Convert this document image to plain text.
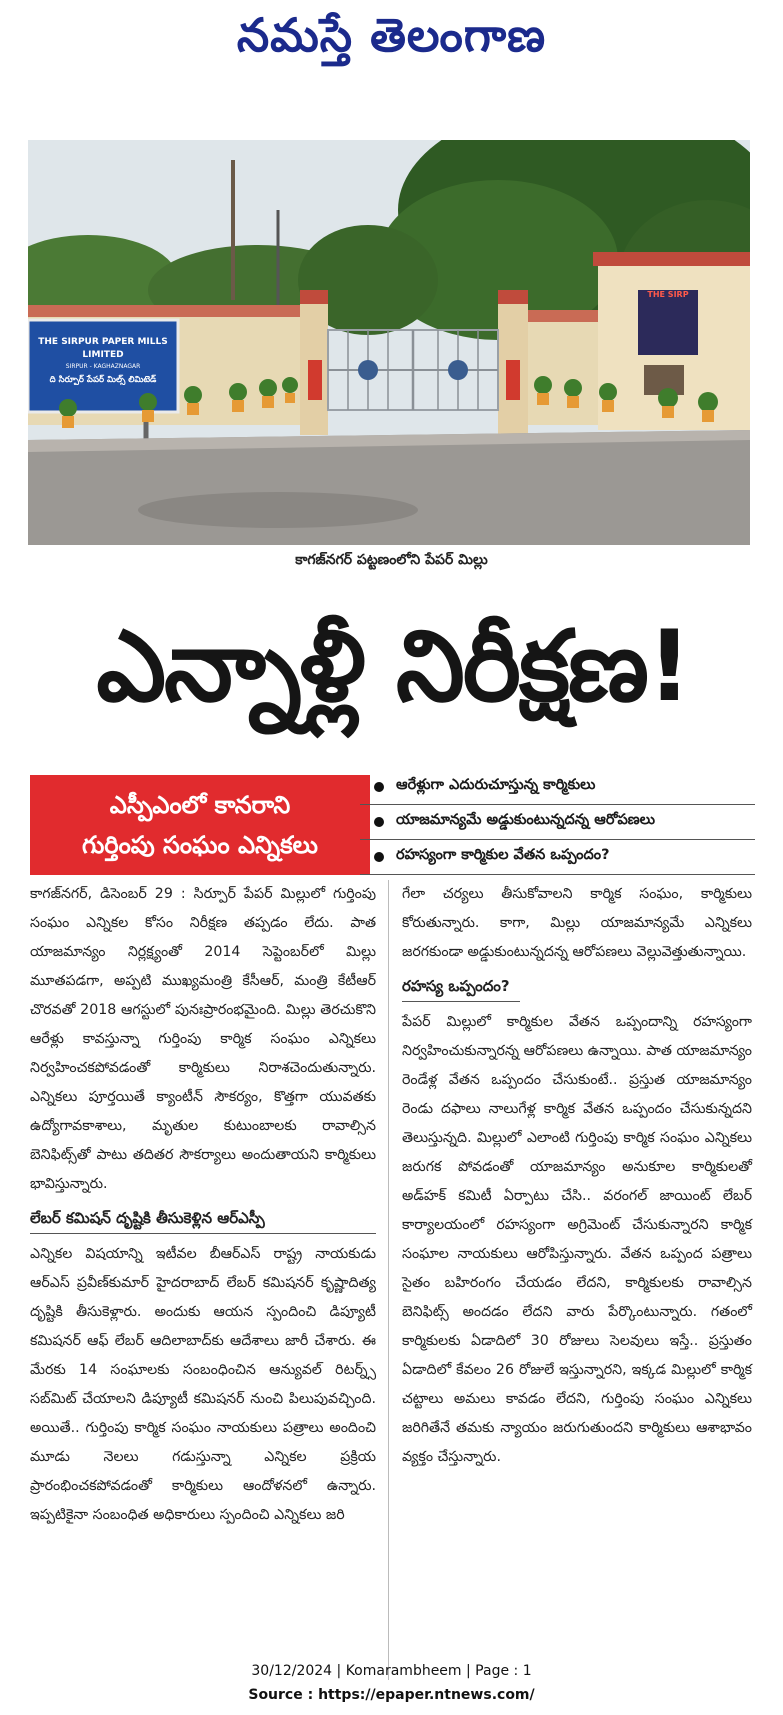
నమస్తే తెలంగాణ
THE SIRPUR PAPER MILLS LIMITED
SIRPUR - KAGHAZNAGAR
ది సిర్పూర్ పేపర్ మిల్స్ లిమిటెడ్
THE SIRP
కాగజ్‌నగర్ పట్టణంలోని పేపర్ మిల్లు
ఎన్నాళ్లీ నిరీక్షణ!
ఎస్పీఎంలో కానరాని
గుర్తింపు సంఘం ఎన్నికలు
ఆరేళ్లుగా ఎదురుచూస్తున్న కార్మికులు
యాజమాన్యమే అడ్డుకుంటున్నదన్న ఆరోపణలు
రహస్యంగా కార్మికుల వేతన ఒప్పందం?

కాగజ్‌నగర్, డిసెంబర్ 29 : సిర్పూర్ పేపర్ మిల్లులో గుర్తింపు సంఘం ఎన్నికల కోసం నిరీక్షణ తప్పడం లేదు. పాత యాజమాన్యం నిర్లక్ష్యంతో 2014 సెప్టెంబర్‌లో మిల్లు మూతపడగా, అప్పటి ముఖ్యమంత్రి కేసీఆర్, మంత్రి కేటీఆర్ చొరవతో 2018 ఆగస్టులో పునఃప్రారంభమైంది. మిల్లు తెరచుకొని ఆరేళ్లు కావస్తున్నా గుర్తింపు కార్మిక సంఘం ఎన్నికలు నిర్వహించకపోవడంతో కార్మికులు నిరాశచెందుతున్నారు. ఎన్నికలు పూర్తయితే క్యాంటీన్ సౌకర్యం, కొత్తగా యువతకు ఉద్యోగావకాశాలు, మృతుల కుటుంబాలకు రావాల్సిన బెనిఫిట్స్‌తో పాటు తదితర సౌకర్యాలు అందుతాయని కార్మికులు భావిస్తున్నారు.

లేబర్ కమిషన్ దృష్టికి తీసుకెళ్లిన ఆర్‌ఎస్పీ

ఎన్నికల విషయాన్ని ఇటీవల బీఆర్‌ఎస్ రాష్ట్ర నాయకుడు ఆర్‌ఎస్ ప్రవీణ్‌కుమార్ హైదరాబాద్ లేబర్ కమిషనర్ కృష్ణాదిత్య దృష్టికి తీసుకెళ్లారు. అందుకు ఆయన స్పందించి డిప్యూటీ కమిషనర్ ఆఫ్ లేబర్ ఆదిలాబాద్‌కు ఆదేశాలు జారీ చేశారు. ఈ మేరకు 14 సంఘాలకు సంబంధించిన ఆన్యువల్ రిటర్న్స్ సబ్‌మిట్ చేయాలని డిప్యూటీ కమిషనర్ నుంచి పిలుపువచ్చింది. అయితే.. గుర్తింపు కార్మిక సంఘం నాయకులు పత్రాలు అందించి మూడు నెలలు గడుస్తున్నా ఎన్నికల ప్రక్రియ ప్రారంభించకపోవడంతో కార్మికులు ఆందోళనలో ఉన్నారు. ఇప్పటికైనా సంబంధిత అధికారులు స్పందించి ఎన్నికలు జరి

గేలా చర్యలు తీసుకోవాలని కార్మిక సంఘం, కార్మికులు కోరుతున్నారు. కాగా, మిల్లు యాజమాన్యమే ఎన్నికలు జరగకుండా అడ్డుకుంటున్నదన్న ఆరోపణలు వెల్లువెత్తుతున్నాయి.

రహస్య ఒప్పందం?

పేపర్ మిల్లులో కార్మికుల వేతన ఒప్పందాన్ని రహస్యంగా నిర్వహించుకున్నారన్న ఆరోపణలు ఉన్నాయి. పాత యాజమాన్యం రెండేళ్ల వేతన ఒప్పందం చేసుకుంటే.. ప్రస్తుత యాజమాన్యం రెండు దఫాలు నాలుగేళ్ల కార్మిక వేతన ఒప్పందం చేసుకున్నదని తెలుస్తున్నది. మిల్లులో ఎలాంటి గుర్తింపు కార్మిక సంఘం ఎన్నికలు జరుగక పోవడంతో యాజమాన్యం అనుకూల కార్మికులతో అడ్‌హక్ కమిటీ ఏర్పాటు చేసి.. వరంగల్ జాయింట్ లేబర్ కార్యాలయంలో రహస్యంగా అగ్రిమెంట్ చేసుకున్నారని కార్మిక సంఘాల నాయకులు ఆరోపిస్తున్నారు. వేతన ఒప్పంద పత్రాలు సైతం బహిరంగం చేయడం లేదని, కార్మికులకు రావాల్సిన బెనిఫిట్స్ అందడం లేదని వారు పేర్కొంటున్నారు. గతంలో కార్మికులకు ఏడాదిలో 30 రోజులు సెలవులు ఇస్తే.. ప్రస్తుతం ఏడాదిలో కేవలం 26 రోజులే ఇస్తున్నారని, ఇక్కడ మిల్లులో కార్మిక చట్టాలు అమలు కావడం లేదని, గుర్తింపు సంఘం ఎన్నికలు జరిగితేనే తమకు న్యాయం జరుగుతుందని కార్మికులు ఆశాభావం వ్యక్తం చేస్తున్నారు.

30/12/2024 | Komarambheem | Page : 1
Source : https://epaper.ntnews.com/
